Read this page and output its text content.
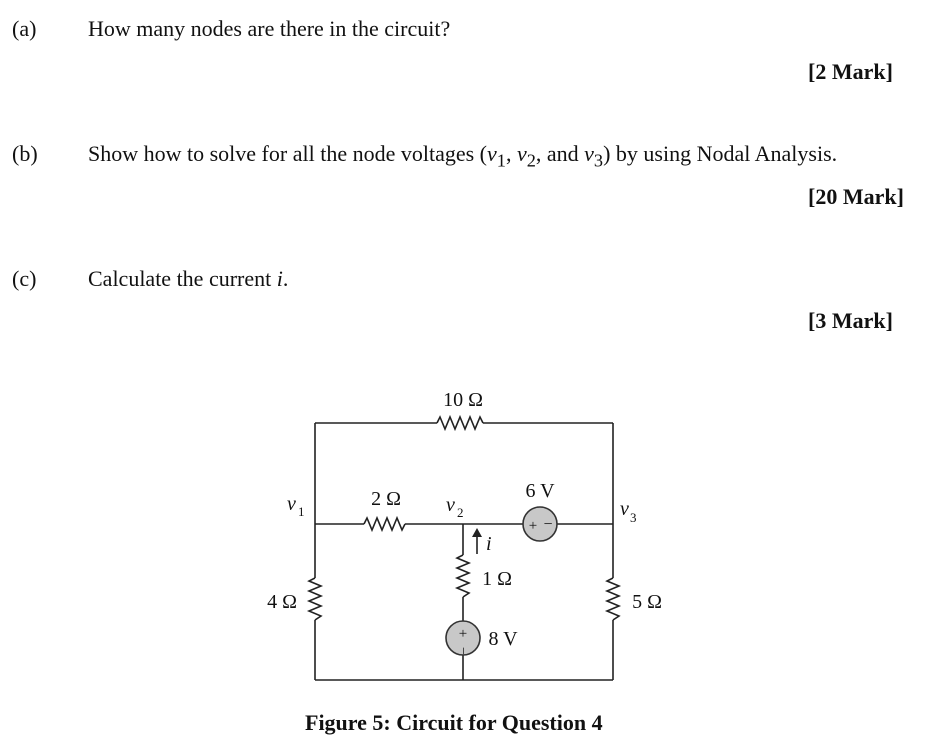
(a) How many nodes are there in the circuit?
[2 Mark]
(b) Show how to solve for all the node voltages ($v_1$, $v_2$, and $v_3$) by using Nodal Analysis.
[20 Mark]
(c) Calculate the current i.
[3 Mark]
+ −
+
−
10 Ω
2 Ω
4 Ω
1 Ω
5 Ω
6 V
8 V
i
v 1	v 2	v 3
Figure 5: Circuit for Question 4
